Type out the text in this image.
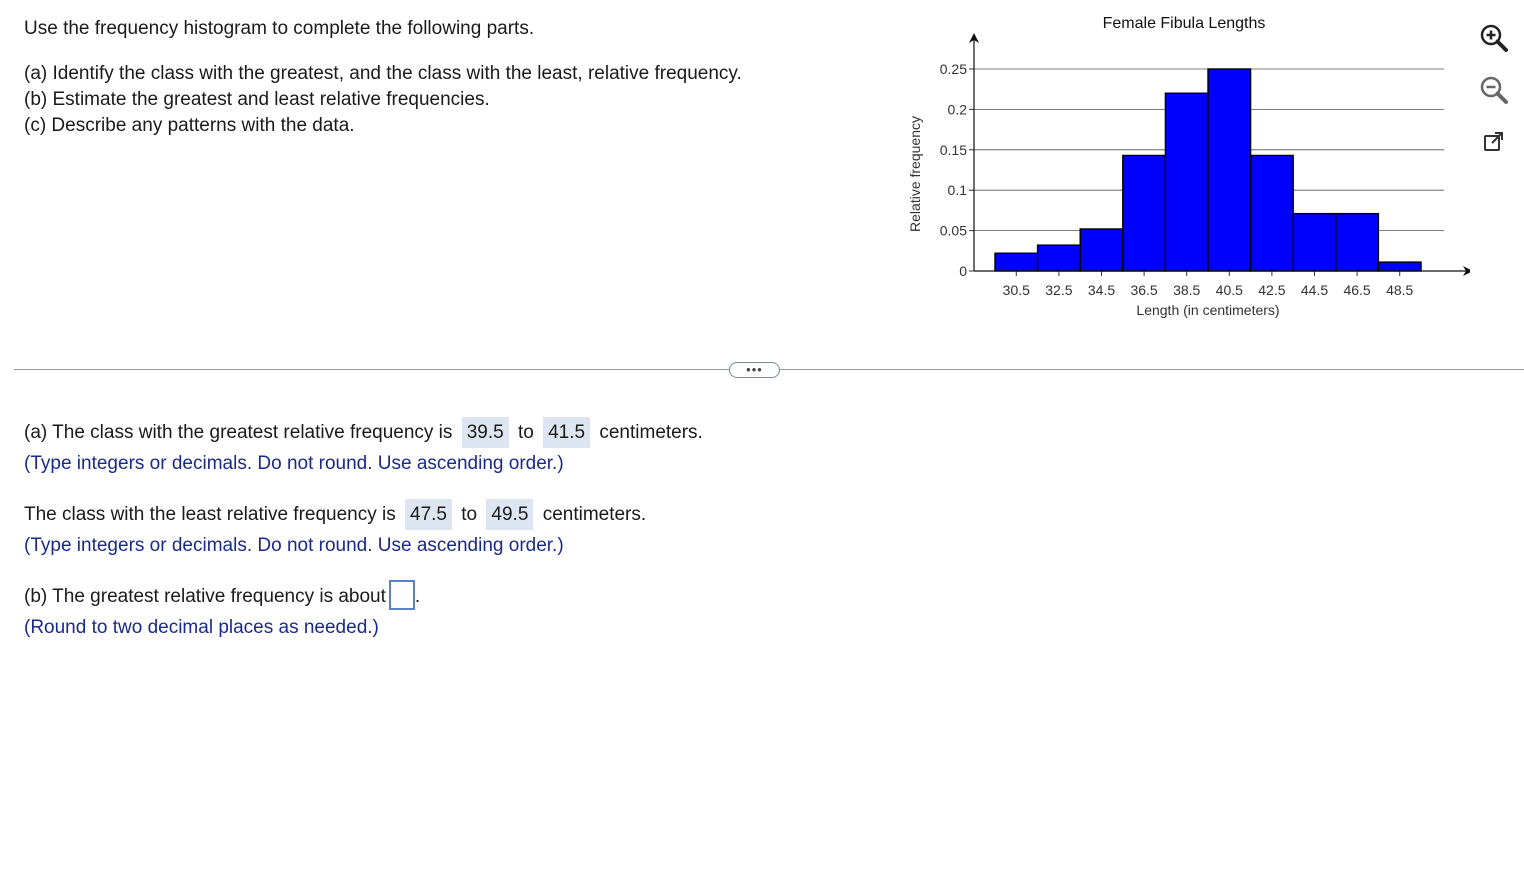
Use the frequency histogram to complete the following parts.
(a) Identify the class with the greatest, and the class with the least, relative frequency.
(b) Estimate the greatest and least relative frequencies.
(c) Describe any patterns with the data.
Female Fibula Lengths
0
0.05
0.1
0.15
0.2
0.25
30.5 32.5 34.5 36.5 38.5 40.5 42.5 44.5 46.5 48.5
Length (in centimeters)
Relative frequency
•••
(a) The class with the greatest relative frequency is 39.5 to 41.5 centimeters.
(Type integers or decimals. Do not round. Use ascending order.)
The class with the least relative frequency is 47.5 to 49.5 centimeters.
(Type integers or decimals. Do not round. Use ascending order.)
(b) The greatest relative frequency is about .
(Round to two decimal places as needed.)
